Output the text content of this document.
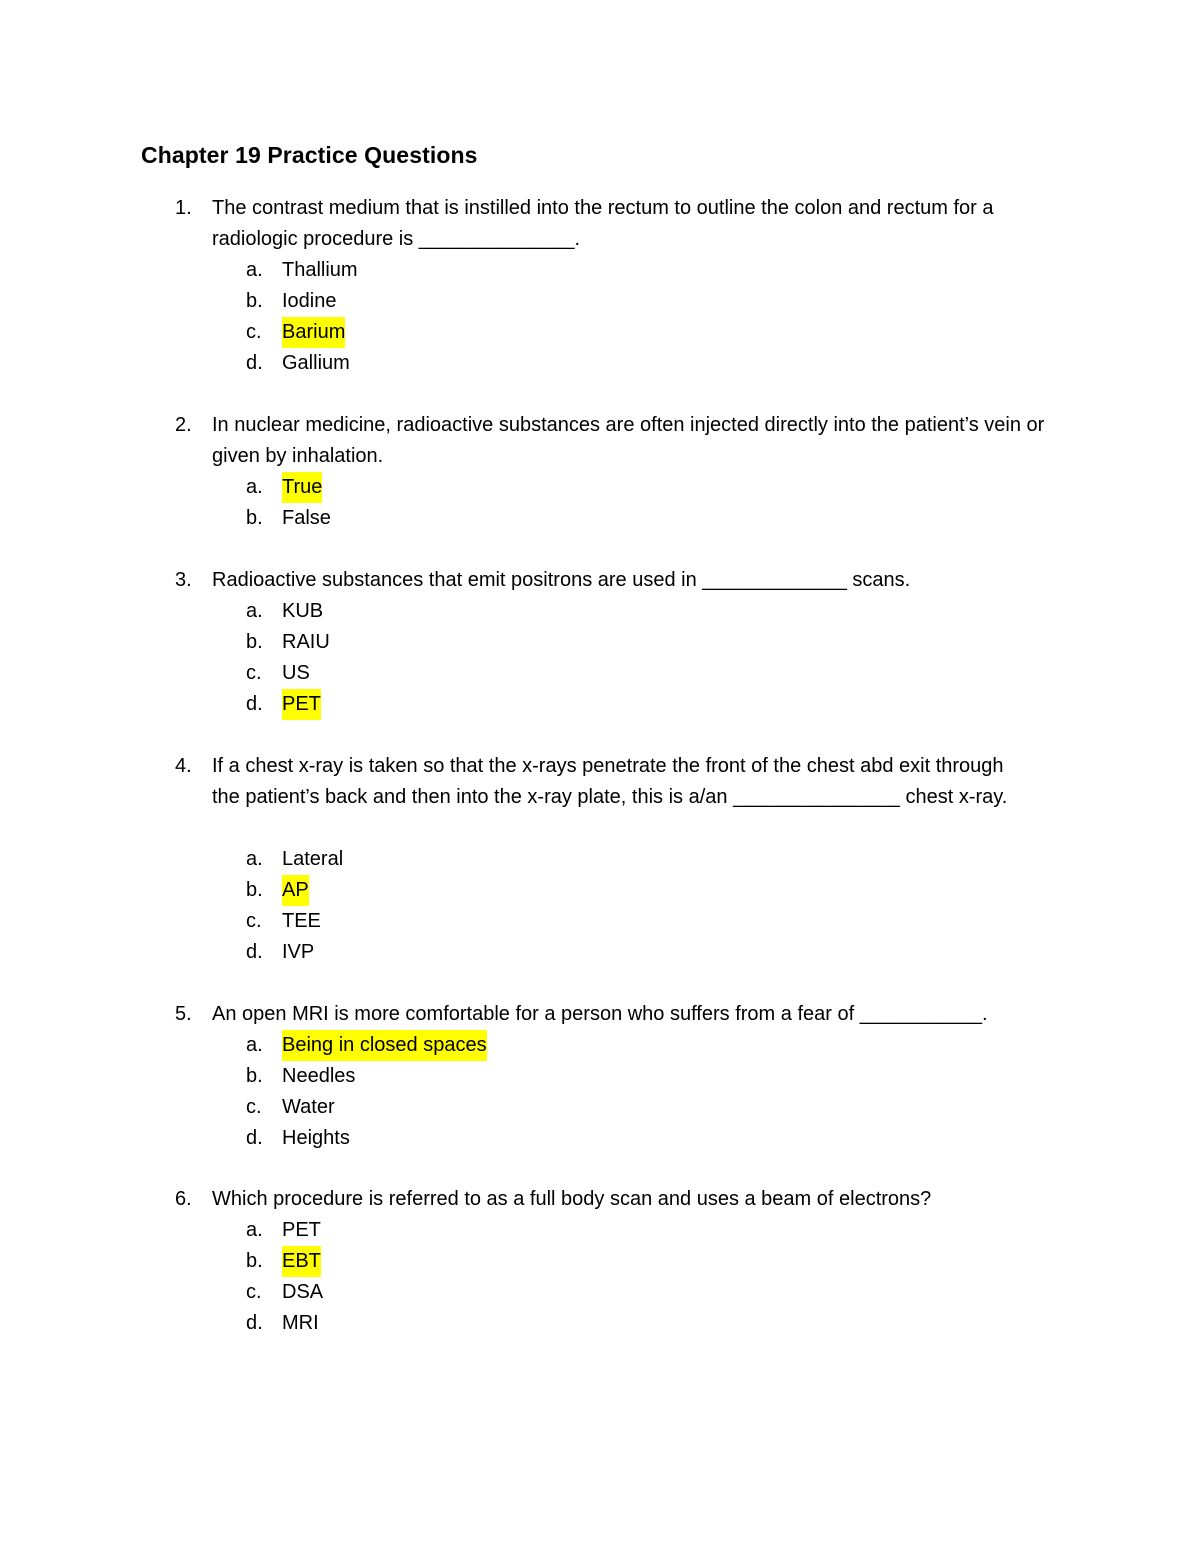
Chapter 19 Practice Questions
1. The contrast medium that is instilled into the rectum to outline the colon and rectum for a radiologic procedure is ______________.
a. Thallium
b. Iodine
c. Barium
d. Gallium
2. In nuclear medicine, radioactive substances are often injected directly into the patient’s vein or given by inhalation.
a. True
b. False
3. Radioactive substances that emit positrons are used in _____________ scans.
a. KUB
b. RAIU
c. US
d. PET
4. If a chest x-ray is taken so that the x-rays penetrate the front of the chest abd exit through the patient’s back and then into the x-ray plate, this is a/an _______________ chest x-ray.
a. Lateral
b. AP
c. TEE
d. IVP
5. An open MRI is more comfortable for a person who suffers from a fear of ___________.
a. Being in closed spaces
b. Needles
c. Water
d. Heights
6. Which procedure is referred to as a full body scan and uses a beam of electrons?
a. PET
b. EBT
c. DSA
d. MRI
